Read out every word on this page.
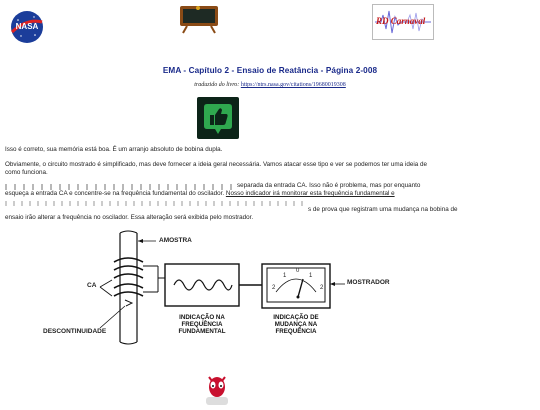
NASA
RD Carnaval
EMA - Capítulo 2 - Ensaio de Reatância - Página 2-008
traduzido do livro: https://ntrs.nasa.gov/citations/19680019308
Isso é correto, sua memória está boa. É um arranjo absoluto de bobina dupla.
Obviamente, o circuito mostrado é simplificado, mas deve fornecer a ideia geral necessária. Vamos atacar esse tipo e ver se podemos ter uma ideia de como funciona.
separada da entrada CA. Isso não é problema, mas por enquanto
esqueça a entrada CA e concentre-se na frequência fundamental do oscilador. Nosso indicador irá monitorar esta frequência fundamental e
s de prova que registram uma mudança na bobina de
ensaio irão alterar a frequência no oscilador. Essa alteração será exibida pelo mostrador.
AMOSTRA
CA	MOSTRADOR
DESCONTINUIDADE
2
1
0
1
2
INDICAÇÃO NA
FREQUÊNCIA
FUNDAMENTAL
INDICAÇÃO DE
MUDANÇA NA
FREQUÊNCIA
